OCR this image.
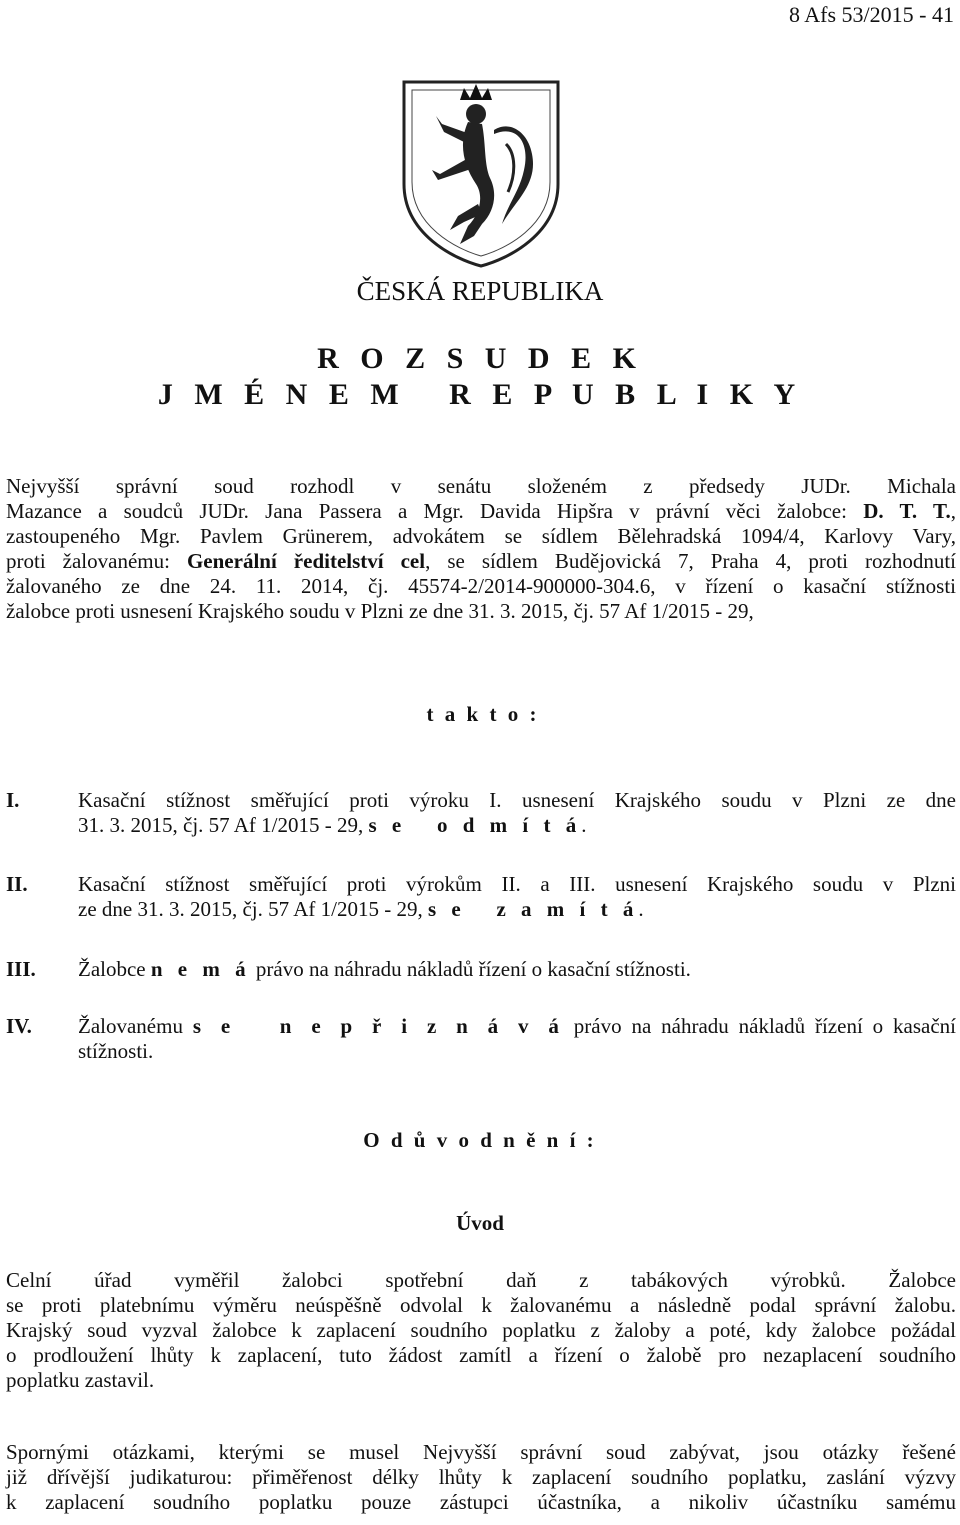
8 Afs 53/2015 - 41
ČESKÁ REPUBLIKA
R O Z S U D E K
J M É N E M   R E P U B L I K Y
Nejvyšší správní soud rozhodl v senátu složeném z předsedy JUDr. Michala
Mazance a soudců JUDr. Jana Passera a Mgr. Davida Hipšra v právní věci žalobce: D. T. T.,
zastoupeného Mgr. Pavlem Grünerem, advokátem se sídlem Bělehradská 1094/4, Karlovy Vary,
proti žalovanému: Generální ředitelství cel, se sídlem Budějovická 7, Praha 4, proti rozhodnutí
žalovaného ze dne 24. 11. 2014, čj. 45574-2/2014-900000-304.6, v řízení o kasační stížnosti
žalobce proti usnesení Krajského soudu v Plzni ze dne 31. 3. 2015, čj. 57 Af 1/2015 - 29,
t a k t o :
I.	Kasační stížnost směřující proti výroku I. usnesení Krajského soudu v Plzni ze dne
31. 3. 2015, čj. 57 Af 1/2015 - 29, s e   o d m í t á.
II. Kasační stížnost směřující proti výrokům II. a III. usnesení Krajského soudu v Plzni
ze dne 31. 3. 2015, čj. 57 Af 1/2015 - 29, s e   z a m í t á.
III. Žalobce n e m á právo na náhradu nákladů řízení o kasační stížnosti.
IV. Žalovanému s e   n e p ř i z n á v á právo na náhradu nákladů řízení o kasační
stížnosti.
O d ů v o d n ě n í :
Úvod
Celní úřad vyměřil žalobci spotřební daň z tabákových výrobků. Žalobce
se proti platebnímu výměru neúspěšně odvolal k žalovanému a následně podal správní žalobu.
Krajský soud vyzval žalobce k zaplacení soudního poplatku z žaloby a poté, kdy žalobce požádal
o prodloužení lhůty k zaplacení, tuto žádost zamítl a řízení o žalobě pro nezaplacení soudního
poplatku zastavil.
Spornými otázkami, kterými se musel Nejvyšší správní soud zabývat, jsou otázky řešené
již dřívější judikaturou: přiměřenost délky lhůty k zaplacení soudního poplatku, zaslání výzvy
k zaplacení soudního poplatku pouze zástupci účastníka, a nikoliv účastníku samému
